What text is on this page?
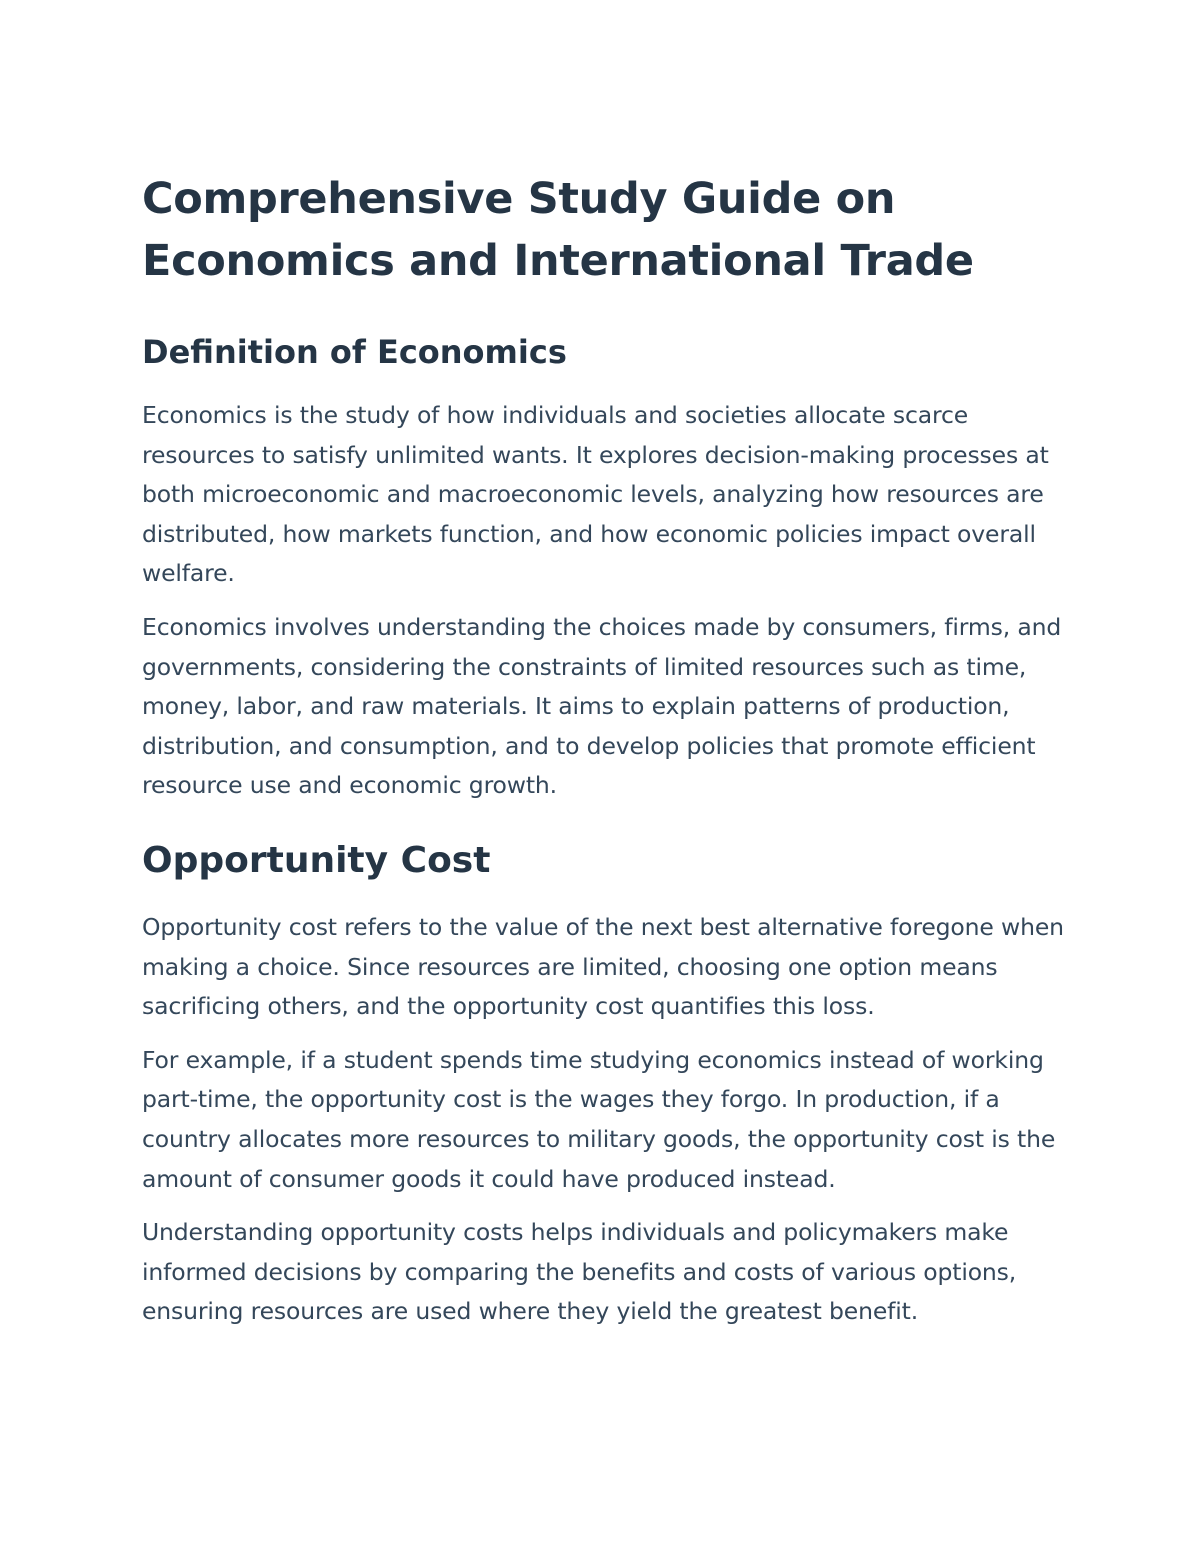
Comprehensive Study Guide on Economics and International Trade
Definition of Economics

Economics is the study of how individuals and societies allocate scarce resources to satisfy unlimited wants. It explores decision-making processes at both microeconomic and macroeconomic levels, analyzing how resources are distributed, how markets function, and how economic policies impact overall welfare.

Economics involves understanding the choices made by consumers, firms, and governments, considering the constraints of limited resources such as time, money, labor, and raw materials. It aims to explain patterns of production, distribution, and consumption, and to develop policies that promote efficient resource use and economic growth.

Opportunity Cost

Opportunity cost refers to the value of the next best alternative foregone when making a choice. Since resources are limited, choosing one option means sacrificing others, and the opportunity cost quantifies this loss.

For example, if a student spends time studying economics instead of working part-time, the opportunity cost is the wages they forgo. In production, if a country allocates more resources to military goods, the opportunity cost is the amount of consumer goods it could have produced instead.

Understanding opportunity costs helps individuals and policymakers make informed decisions by comparing the benefits and costs of various options, ensuring resources are used where they yield the greatest benefit.
